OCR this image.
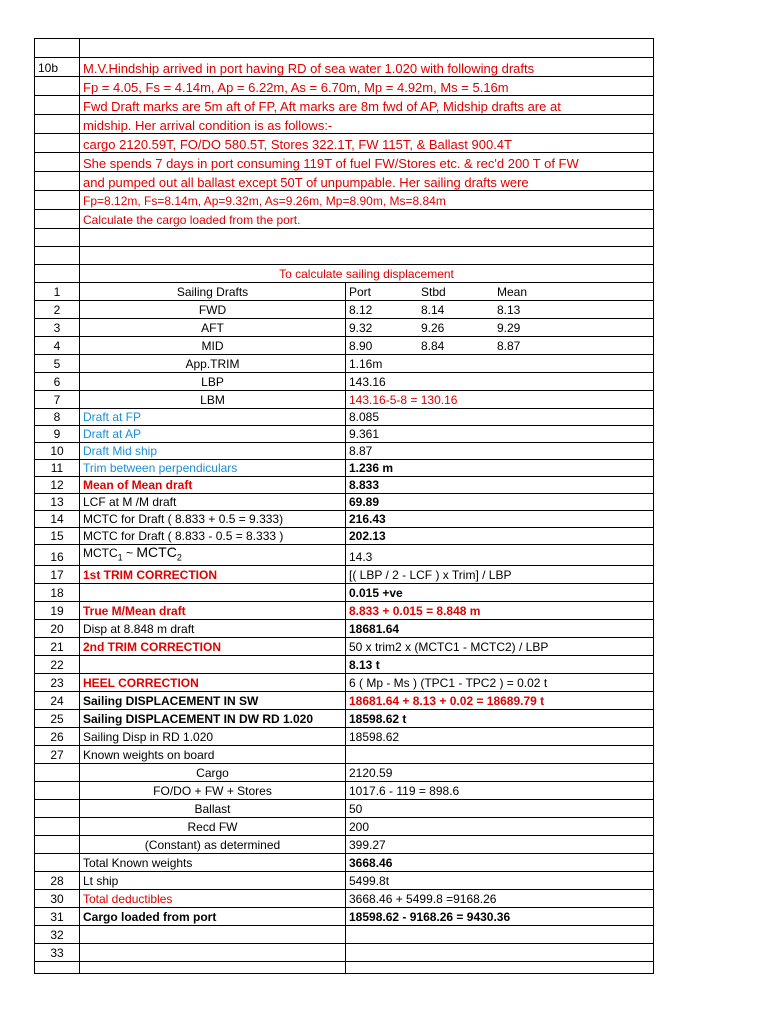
10b	M.V.Hindship arrived in port having RD of sea water 1.020 with following drafts	
	Fp = 4.05, Fs = 4.14m, Ap = 6.22m, As = 6.70m, Mp = 4.92m, Ms = 5.16m	
	Fwd Draft marks are 5m aft of FP, Aft marks are 8m fwd of AP, Midship drafts are at	
	midship. Her arrival condition is as follows:-	
	cargo 2120.59T, FO/DO 580.5T, Stores 322.1T, FW 115T, & Ballast 900.4T	
	She spends 7 days in port consuming 119T of fuel FW/Stores etc. & rec'd 200 T of FW	
	and pumped out all ballast except 50T of unpumpable. Her sailing drafts were	
	Fp=8.12m, Fs=8.14m, Ap=9.32m, As=9.26m, Mp=8.90m, Ms=8.84m	
	Calculate the cargo loaded from the port.	

	To calculate sailing displacement	
1	Sailing Drafts	Port Stbd Mean

2	FWD	8.12 8.14 8.13

3	AFT	9.32 9.26 9.29

4	MID	8.90 8.84 8.87

5	App.TRIM	1.16m
6	LBP	143.16
7	LBM	143.16-5-8 = 130.16
8	Draft at FP	8.085
9	Draft at AP	9.361
10	Draft Mid ship	8.87
11	Trim between perpendiculars	1.236 m
12	Mean of Mean draft	8.833
13	LCF at M /M draft	69.89
14	MCTC for Draft ( 8.833 + 0.5 = 9.333)	216.43
15	MCTC for Draft ( 8.833 - 0.5 = 8.333 )	202.13
16	$MCTC_1$ ~ $MCTC_2$	14.3
17	1st TRIM CORRECTION	[( LBP / 2 - LCF ) x Trim] / LBP
18		0.015 +ve
19	True M/Mean draft	8.833 + 0.015 = 8.848 m
20	Disp at 8.848 m draft	18681.64
21	2nd TRIM CORRECTION	50 x trim2 x (MCTC1 - MCTC2) / LBP
22		8.13 t
23	HEEL CORRECTION	6 ( Mp - Ms ) (TPC1 - TPC2 ) = 0.02 t
24	Sailing DISPLACEMENT IN SW	18681.64 + 8.13 + 0.02 = 18689.79 t
25	Sailing DISPLACEMENT IN DW RD 1.020	18598.62 t
26	Sailing Disp in RD 1.020	18598.62
27	Known weights on board	
	Cargo	2120.59
	FO/DO + FW + Stores	1017.6 - 119 = 898.6
	Ballast	50
	Recd FW	200
	(Constant) as determined	399.27
	Total Known weights	3668.46
28	Lt ship	5499.8t
30	Total deductibles	3668.46 + 5499.8 =9168.26
31	Cargo loaded from port	18598.62 - 9168.26 = 9430.36
32		
33		
